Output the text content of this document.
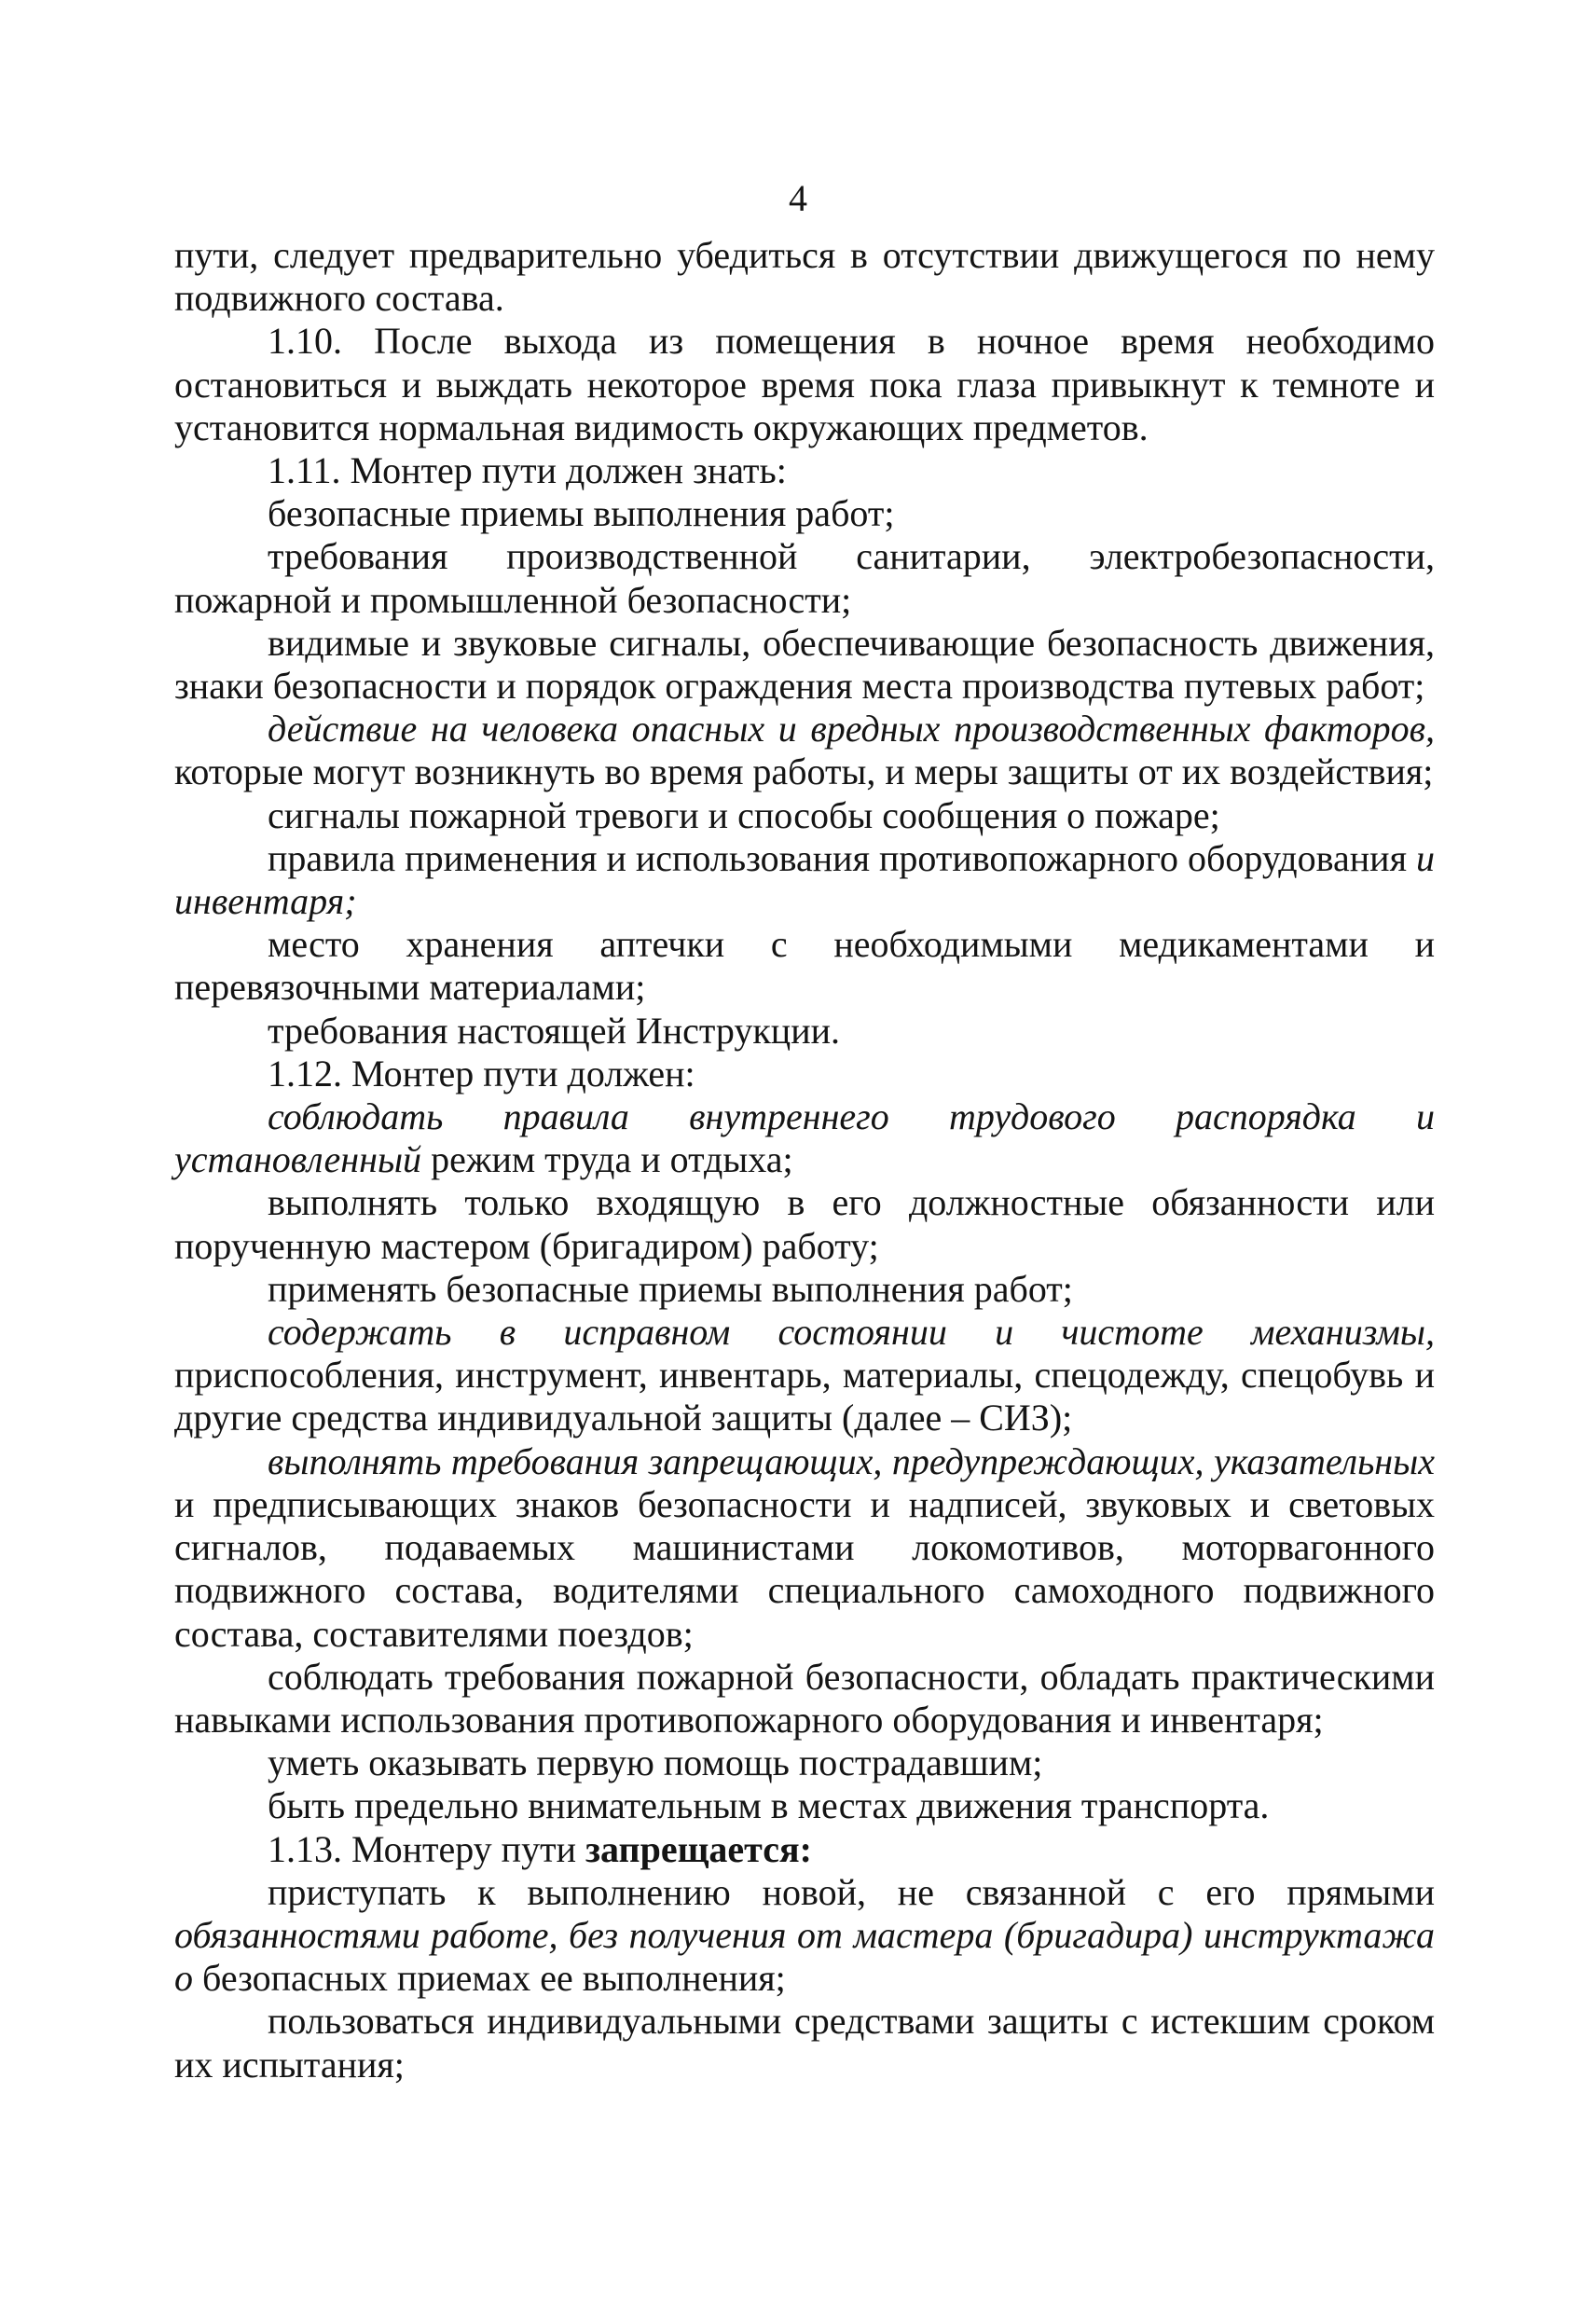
4

пути, следует предварительно убедиться в отсутствии движущегося по нему подвижного состава.

1.10. После выхода из помещения в ночное время необходимо остановиться и выждать некоторое время пока глаза привыкнут к темноте и установится нормальная видимость окружающих предметов.

1.11. Монтер пути должен знать:

безопасные приемы выполнения работ;

требования производственной санитарии, электробезопасности, пожарной и промышленной безопасности;

видимые и звуковые сигналы, обеспечивающие безопасность движения, знаки безопасности и порядок ограждения места производства путевых работ;

действие на человека опасных и вредных производственных факторов, которые могут возникнуть во время работы, и меры защиты от их воздействия;

сигналы пожарной тревоги и способы сообщения о пожаре;

правила применения и использования противопожарного оборудования и инвентаря;

место хранения аптечки с необходимыми медикаментами и перевязочными материалами;

требования настоящей Инструкции.

1.12. Монтер пути должен:

соблюдать правила внутреннего трудового распорядка и установленный режим труда и отдыха;

выполнять только входящую в его должностные обязанности или порученную мастером (бригадиром) работу;

применять безопасные приемы выполнения работ;

содержать в исправном состоянии и чистоте механизмы, приспособления, инструмент, инвентарь, материалы, спецодежду, спецобувь и другие средства индивидуальной защиты (далее – СИЗ);

выполнять требования запрещающих, предупреждающих, указательных и предписывающих знаков безопасности и надписей, звуковых и световых сигналов, подаваемых машинистами локомотивов, моторвагонного подвижного состава, водителями специального самоходного подвижного состава, составителями поездов;

соблюдать требования пожарной безопасности, обладать практическими навыками использования противопожарного оборудования и инвентаря;

уметь оказывать первую помощь пострадавшим;

быть предельно внимательным в местах движения транспорта.

1.13. Монтеру пути запрещается:

приступать к выполнению новой, не связанной с его прямыми обязанностями работе, без получения от мастера (бригадира) инструктажа о безопасных приемах ее выполнения;

пользоваться индивидуальными средствами защиты с истекшим сроком их испытания;
